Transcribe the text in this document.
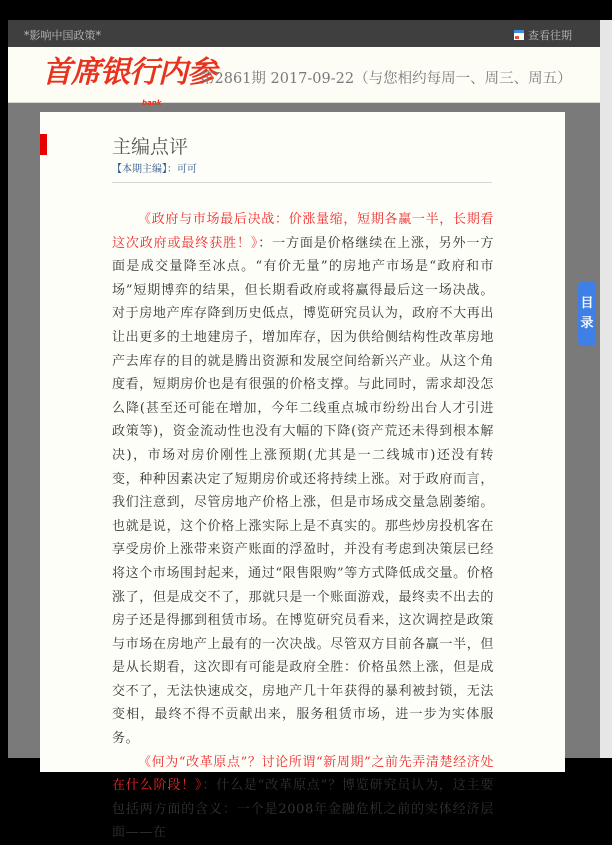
*影响中国政策*	查看往期
首席银行内参
bank
第2861期 2017-09-22（与您相约每周一、周三、周五）
主编点评
【本期主编】：可可

《政府与市场最后决战：价涨量缩，短期各赢一半，长期看这次政府或最终获胜！》：一方面是价格继续在上涨，另外一方面是成交量降至冰点。“有价无量”的房地产市场是“政府和市场”短期博弈的结果，但长期看政府或将赢得最后这一场决战。对于房地产库存降到历史低点，博览研究员认为，政府不大再出让出更多的土地建房子，增加库存，因为供给侧结构性改革房地产去库存的目的就是腾出资源和发展空间给新兴产业。从这个角度看，短期房价也是有很强的价格支撑。与此同时，需求却没怎么降(甚至还可能在增加，今年二线重点城市纷纷出台人才引进政策等)，资金流动性也没有大幅的下降(资产荒还未得到根本解决)，市场对房价刚性上涨预期(尤其是一二线城市)还没有转变，种种因素决定了短期房价或还将持续上涨。对于政府而言，我们注意到，尽管房地产价格上涨，但是市场成交量急剧萎缩。也就是说，这个价格上涨实际上是不真实的。那些炒房投机客在享受房价上涨带来资产账面的浮盈时，并没有考虑到决策层已经将这个市场围封起来，通过“限售限购”等方式降低成交量。价格涨了，但是成交不了，那就只是一个账面游戏，最终卖不出去的房子还是得挪到租赁市场。在博览研究员看来，这次调控是政策与市场在房地产上最有的一次决战。尽管双方目前各赢一半，但是从长期看，这次即有可能是政府全胜：价格虽然上涨，但是成交不了，无法快速成交，房地产几十年获得的暴利被封锁，无法变相，最终不得不贡献出来，服务租赁市场，进一步为实体服务。

《何为“改革原点”？讨论所谓“新周期”之前先弄清楚经济处在什么阶段！》：什么是“改革原点”？博览研究员认为，这主要包括两方面的含义：一个是2008年金融危机之前的实体经济层面——在

目
录
